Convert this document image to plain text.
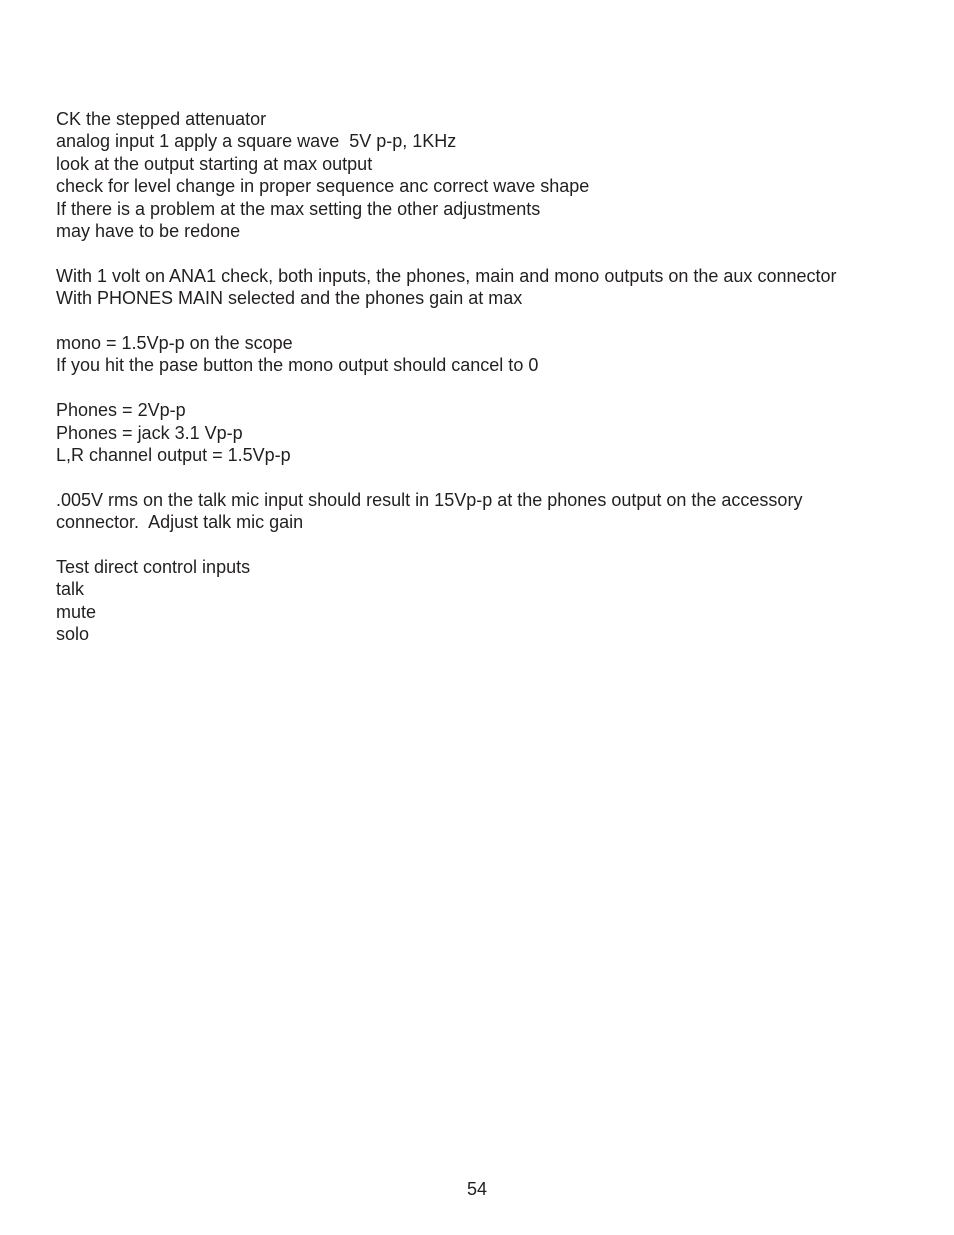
CK the stepped attenuator
analog input 1 apply a square wave  5V p-p, 1KHz
look at the output starting at max output
check for level change in proper sequence anc correct wave shape
If there is a problem at the max setting the other adjustments
may have to be redone
With 1 volt on ANA1 check, both inputs, the phones, main and mono outputs on the aux connector
With PHONES MAIN selected and the phones gain at max
mono = 1.5Vp-p on the scope
If you hit the pase button the mono output should cancel to 0
Phones = 2Vp-p
Phones = jack 3.1 Vp-p
L,R channel output = 1.5Vp-p
.005V rms on the talk mic input should result in 15Vp-p at the phones output on the accessory
connector.  Adjust talk mic gain
Test direct control inputs
talk
mute
solo
54
